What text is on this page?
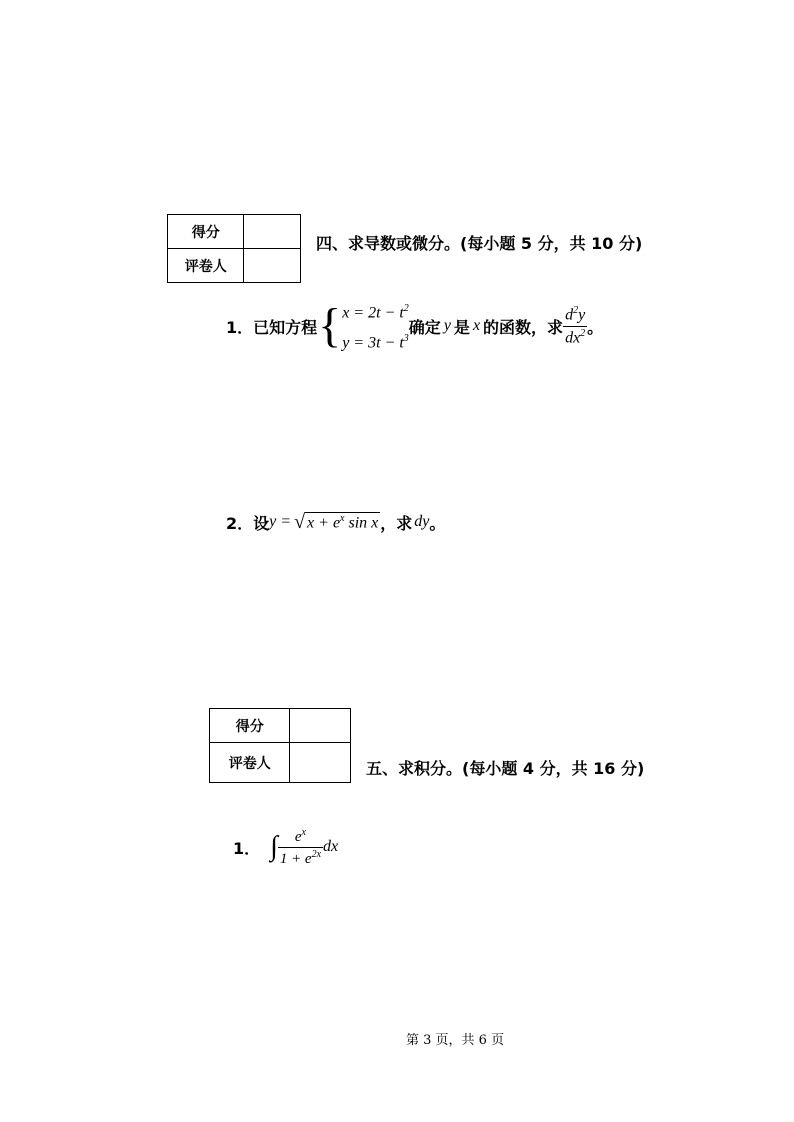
得分	
评卷人	
四、求导数或微分。(每小题 5 分，共 10 分)
1． 已知方程 { $x = 2t - t^2$
$y = 3t - t^3$
确定 y 是 x 的函数，求 $\frac{d^2y}{dx^2}$ 。
2． 设 y = √ $x + e^x$ sin x ，求 dy 。
得分	
评卷人		五、求积分。(每小题 4 分，共 16 分)
1． ∫ $\frac{e^x}{1 + e^{2x}}$ dx
第 3 页，共 6 页
